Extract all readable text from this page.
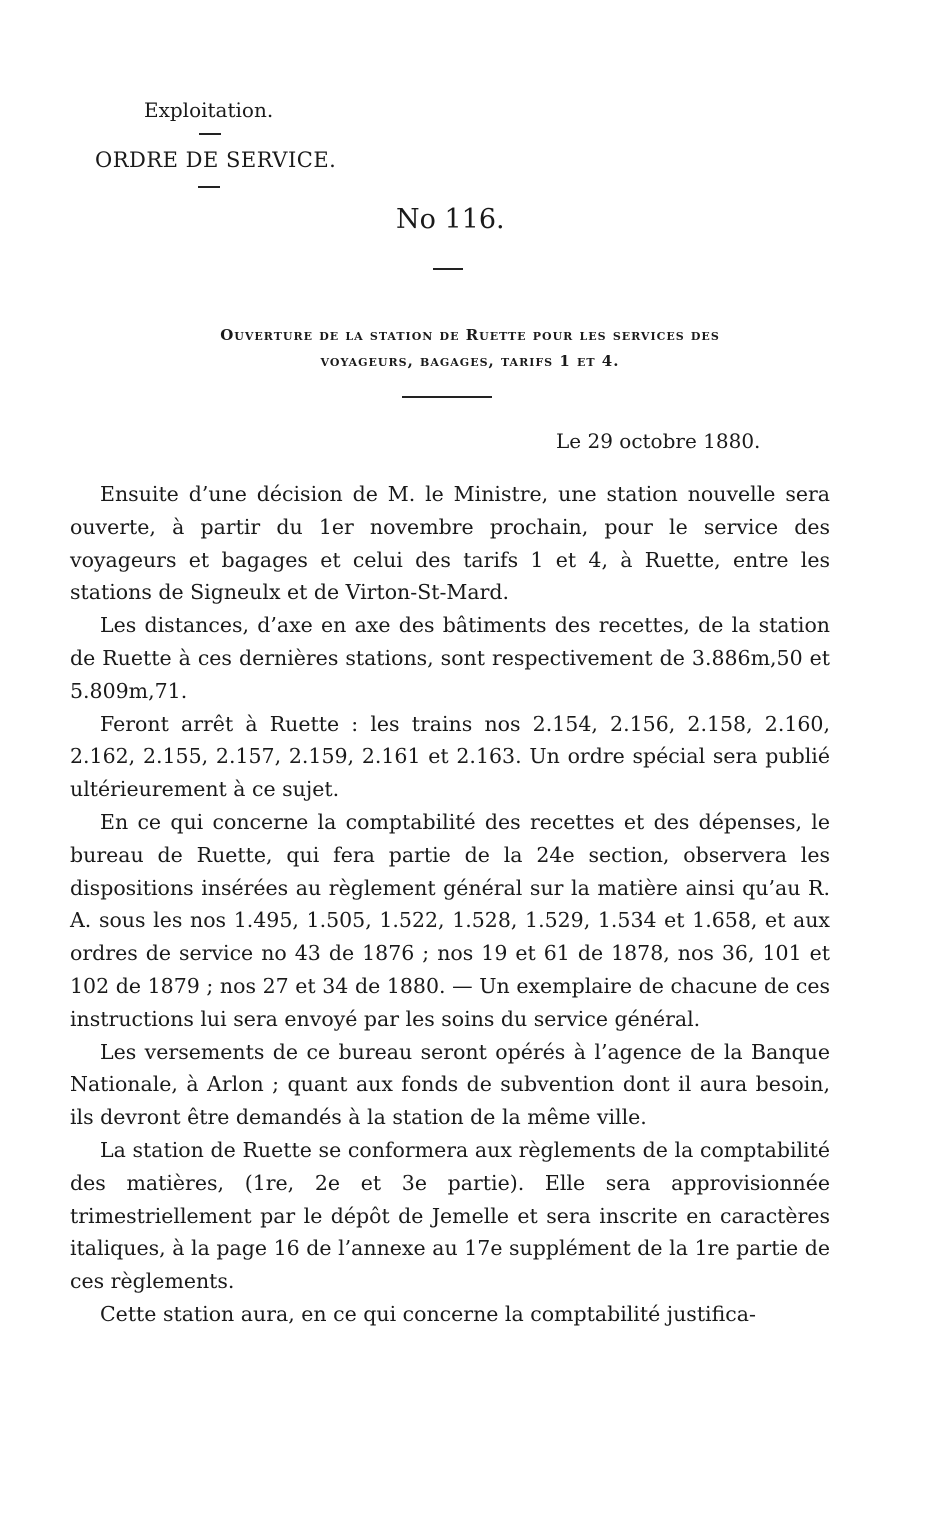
Exploitation.
ORDRE DE SERVICE.
No 116.
Ouverture de la station de Ruette pour les services des
voyageurs, bagages, tarifs 1 et 4.
Le 29 octobre 1880.

Ensuite d’une décision de M. le Ministre, une station nouvelle sera ouverte, à partir du 1er novembre prochain, pour le service des voyageurs et bagages et celui des tarifs 1 et 4, à Ruette, entre les stations de Signeulx et de Virton-St-Mard.

Les distances, d’axe en axe des bâtiments des recettes, de la station de Ruette à ces dernières stations, sont respectivement de 3.886m,50 et 5.809m,71.

Feront arrêt à Ruette : les trains nos 2.154, 2.156, 2.158, 2.160, 2.162, 2.155, 2.157, 2.159, 2.161 et 2.163. Un ordre spécial sera publié ultérieurement à ce sujet.

En ce qui concerne la comptabilité des recettes et des dépenses, le bureau de Ruette, qui fera partie de la 24e section, observera les dispositions insérées au règlement général sur la matière ainsi qu’au R. A. sous les nos 1.495, 1.505, 1.522, 1.528, 1.529, 1.534 et 1.658, et aux ordres de service no 43 de 1876 ; nos 19 et 61 de 1878, nos 36, 101 et 102 de 1879 ; nos 27 et 34 de 1880. — Un exemplaire de chacune de ces instructions lui sera envoyé par les soins du service général.

Les versements de ce bureau seront opérés à l’agence de la Banque Nationale, à Arlon ; quant aux fonds de subvention dont il aura besoin, ils devront être demandés à la station de la même ville.

La station de Ruette se conformera aux règlements de la comptabilité des matières, (1re, 2e et 3e partie). Elle sera approvisionnée trimestriellement par le dépôt de Jemelle et sera inscrite en caractères italiques, à la page 16 de l’annexe au 17e supplément de la 1re partie de ces règlements.

Cette station aura, en ce qui concerne la comptabilité justifica-
